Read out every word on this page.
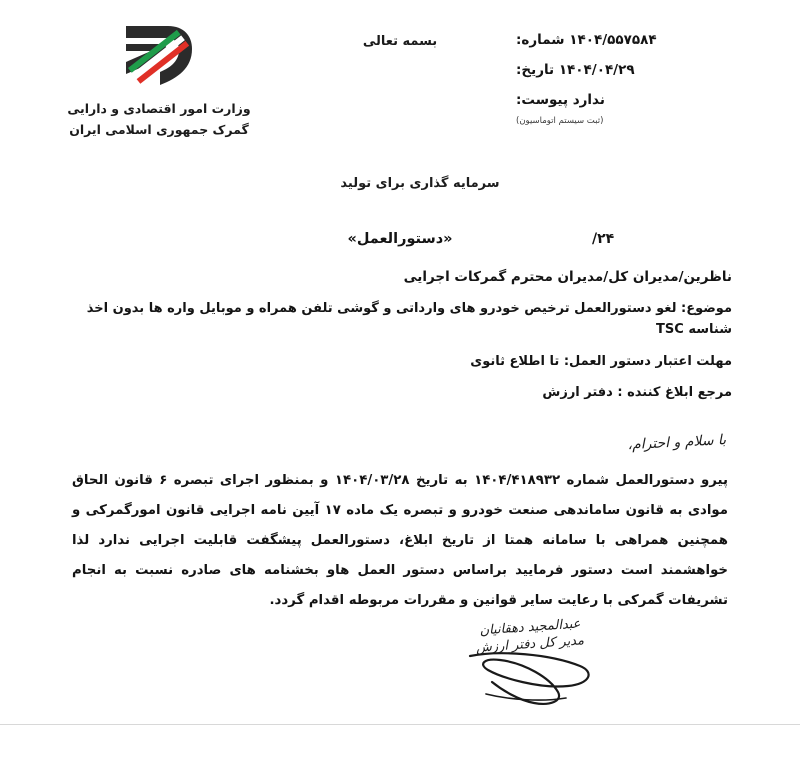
۱۴۰۴/۵۵۷۵۸۴ شماره:
۱۴۰۴/۰۴/۲۹ تاریخ:
ندارد پیوست:
(ثبت سیستم اتوماسیون)
بسمه تعالی
وزارت امور اقتصادی و دارایی
گمرک جمهوری اسلامی ایران
سرمایه گذاری برای تولید
/۲۴
«دستورالعمل»
ناظرین/مدیران کل/مدیران محترم گمرکات اجرایی
موضوع: لغو دستورالعمل ترخیص خودرو های وارداتی و گوشی تلفن همراه و موبایل واره ها بدون اخذ شناسه TSC
مهلت اعتبار دستور العمل: تا اطلاع ثانوی
مرجع ابلاغ کننده : دفتر ارزش
با سلام و احترام،
پیرو دستورالعمل شماره ۱۴۰۴/۴۱۸۹۳۲ به تاریخ ۱۴۰۴/۰۳/۲۸ و بمنظور اجرای تبصره ۶ قانون الحاق موادی به قانون ساماندهی صنعت خودرو و تبصره یک ماده ۱۷ آیین نامه اجرایی قانون امورگمرکی و همچنین همراهی با سامانه همتا از تاریخ ابلاغ، دستورالعمل پیشگفت قابلیت اجرایی ندارد لذا خواهشمند است دستور فرمایید براساس دستور العمل هاو بخشنامه های صادره نسبت به انجام تشریفات گمرکی با رعایت سایر قوانین و مقررات مربوطه اقدام گردد.
عبدالمجید دهقانیان
مدیر کل دفتر ارزش
